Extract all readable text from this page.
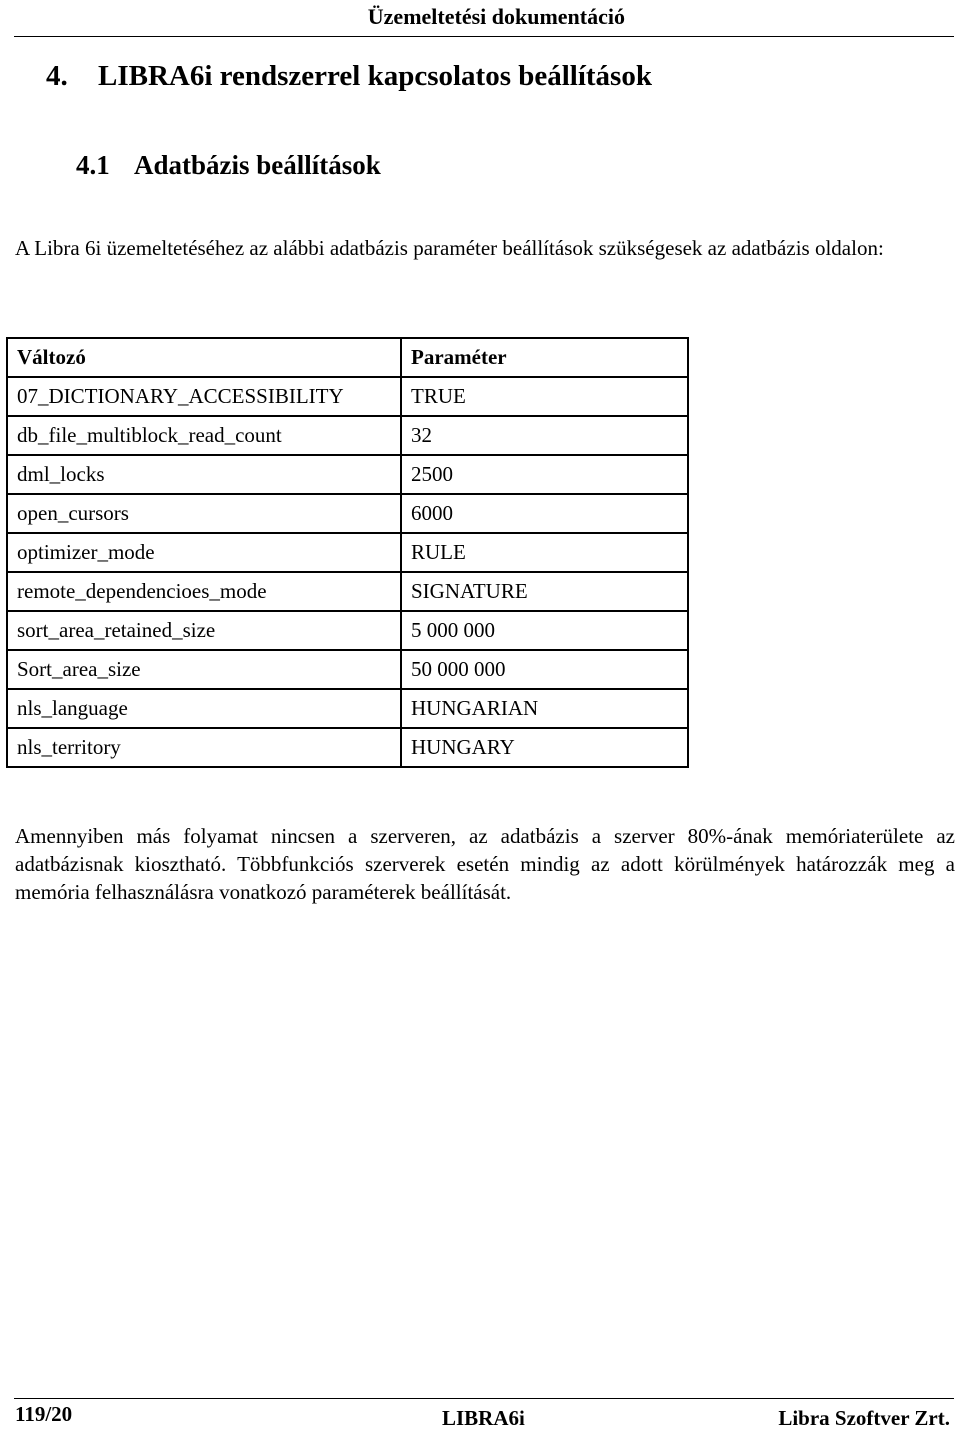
Üzemeltetési dokumentáció
4. LIBRA6i rendszerrel kapcsolatos beállítások
4.1 Adatbázis beállítások

A Libra 6i üzemeltetéséhez az alábbi adatbázis paraméter beállítások szükségesek az adatbázis oldalon:

Változó	Paraméter
07_DICTIONARY_ACCESSIBILITY	TRUE
db_file_multiblock_read_count	32
dml_locks	2500
open_cursors	6000
optimizer_mode	RULE
remote_dependencioes_mode	SIGNATURE
sort_area_retained_size	5 000 000
Sort_area_size	50 000 000
nls_language	HUNGARIAN
nls_territory	HUNGARY

Amennyiben más folyamat nincsen a szerveren, az adatbázis a szerver 80%-ának memóriaterülete az adatbázisnak kiosztható. Többfunkciós szerverek esetén mindig az adott körülmények határozzák meg a memória felhasználásra vonatkozó paraméterek beállítását.

119/20	LIBRA6i	Libra Szoftver Zrt.
